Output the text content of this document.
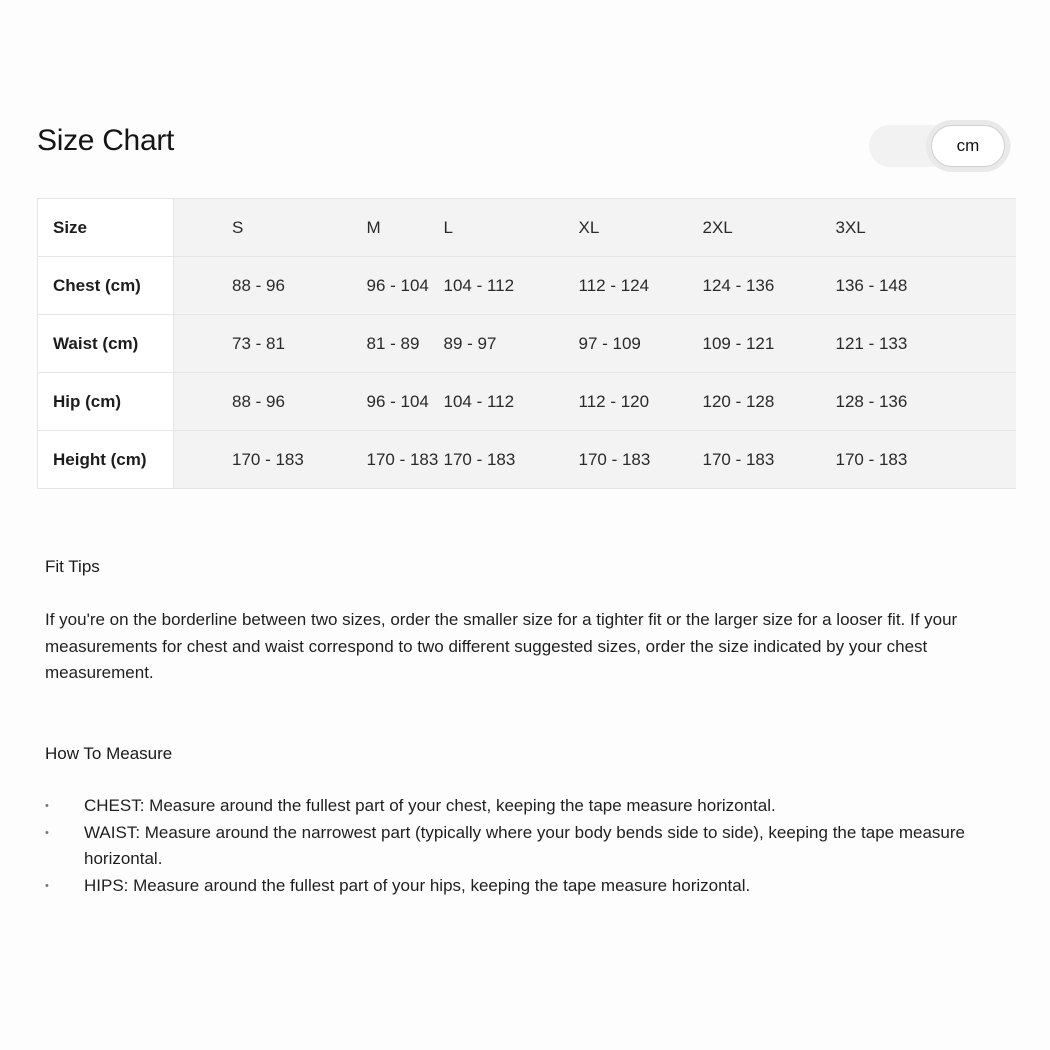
Size Chart	cm
Size	S	M	L	XL	2XL	3XL
Chest (cm)	88 - 96	96 - 104	104 - 112	112 - 124	124 - 136	136 - 148
Waist (cm)	73 - 81	81 - 89	89 - 97	97 - 109	109 - 121	121 - 133
Hip (cm)	88 - 96	96 - 104	104 - 112	112 - 120	120 - 128	128 - 136
Height (cm)	170 - 183	170 - 183	170 - 183	170 - 183	170 - 183	170 - 183
Fit Tips

If you're on the borderline between two sizes, order the smaller size for a tighter fit or the larger size for a looser fit. If your measurements for chest and waist correspond to two different suggested sizes, order the size indicated by your chest measurement.

How To Measure
• CHEST: Measure around the fullest part of your chest, keeping the tape measure horizontal.
• WAIST: Measure around the narrowest part (typically where your body bends side to side), keeping the tape measure horizontal.
• HIPS: Measure around the fullest part of your hips, keeping the tape measure horizontal.
